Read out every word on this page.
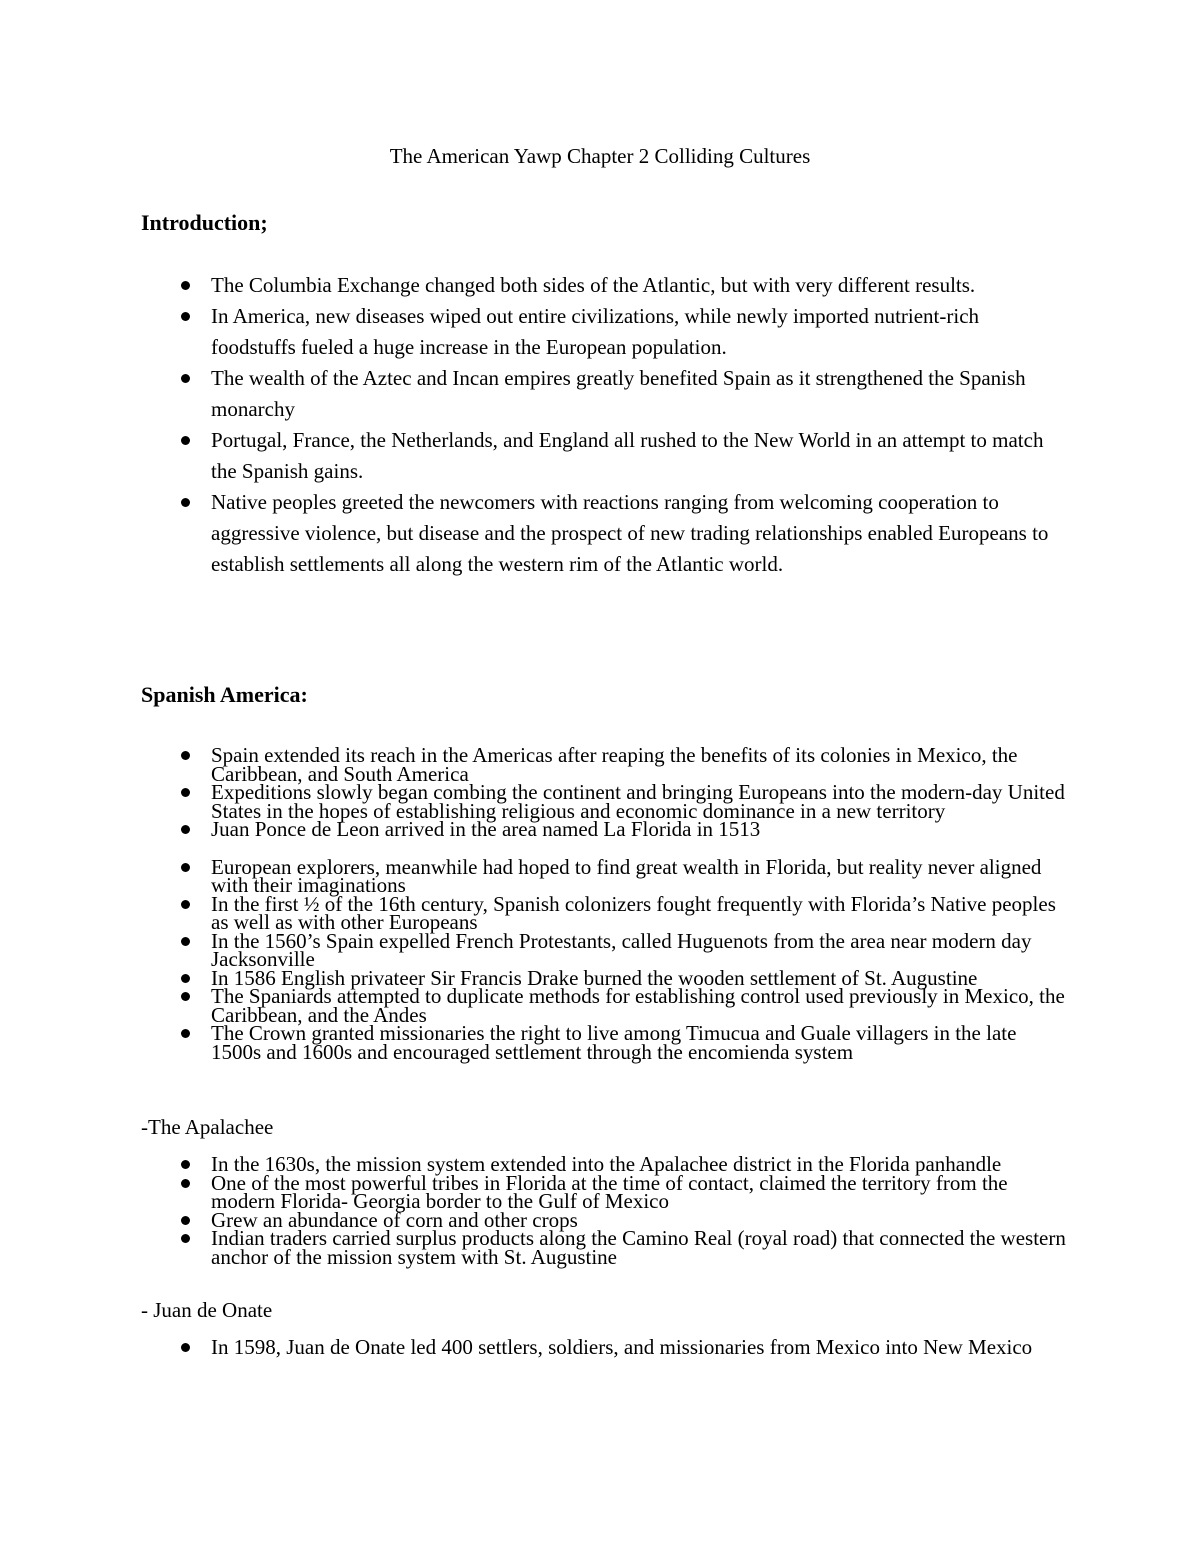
The American Yawp Chapter 2 Colliding Cultures
Introduction;
The Columbia Exchange changed both sides of the Atlantic, but with very different results.
In America, new diseases wiped out entire civilizations, while newly imported nutrient-rich foodstuffs fueled a huge increase in the European population.
The wealth of the Aztec and Incan empires greatly benefited Spain as it strengthened the Spanish monarchy
Portugal, France, the Netherlands, and England all rushed to the New World in an attempt to match the Spanish gains.
Native peoples greeted the newcomers with reactions ranging from welcoming cooperation to aggressive violence, but disease and the prospect of new trading relationships enabled Europeans to establish settlements all along the western rim of the Atlantic world.
Spanish America:
Spain extended its reach in the Americas after reaping the benefits of its colonies in Mexico, the Caribbean, and South America
Expeditions slowly began combing the continent and bringing Europeans into the modern-day United States in the hopes of establishing religious and economic dominance in a new territory
Juan Ponce de Leon arrived in the area named La Florida in 1513
European explorers, meanwhile had hoped to find great wealth in Florida, but reality never aligned with their imaginations
In the first ½ of the 16th century, Spanish colonizers fought frequently with Florida’s Native peoples as well as with other Europeans
In the 1560’s Spain expelled French Protestants, called Huguenots from the area near modern day Jacksonville
In 1586 English privateer Sir Francis Drake burned the wooden settlement of St. Augustine
The Spaniards attempted to duplicate methods for establishing control used previously in Mexico, the Caribbean, and the Andes
The Crown granted missionaries the right to live among Timucua and Guale villagers in the late 1500s and 1600s and encouraged settlement through the encomienda system
-The Apalachee
In the 1630s, the mission system extended into the Apalachee district in the Florida panhandle
One of the most powerful tribes in Florida at the time of contact, claimed the territory from the modern Florida- Georgia border to the Gulf of Mexico
Grew an abundance of corn and other crops
Indian traders carried surplus products along the Camino Real (royal road) that connected the western anchor of the mission system with St. Augustine
- Juan de Onate
In 1598, Juan de Onate led 400 settlers, soldiers, and missionaries from Mexico into New Mexico
